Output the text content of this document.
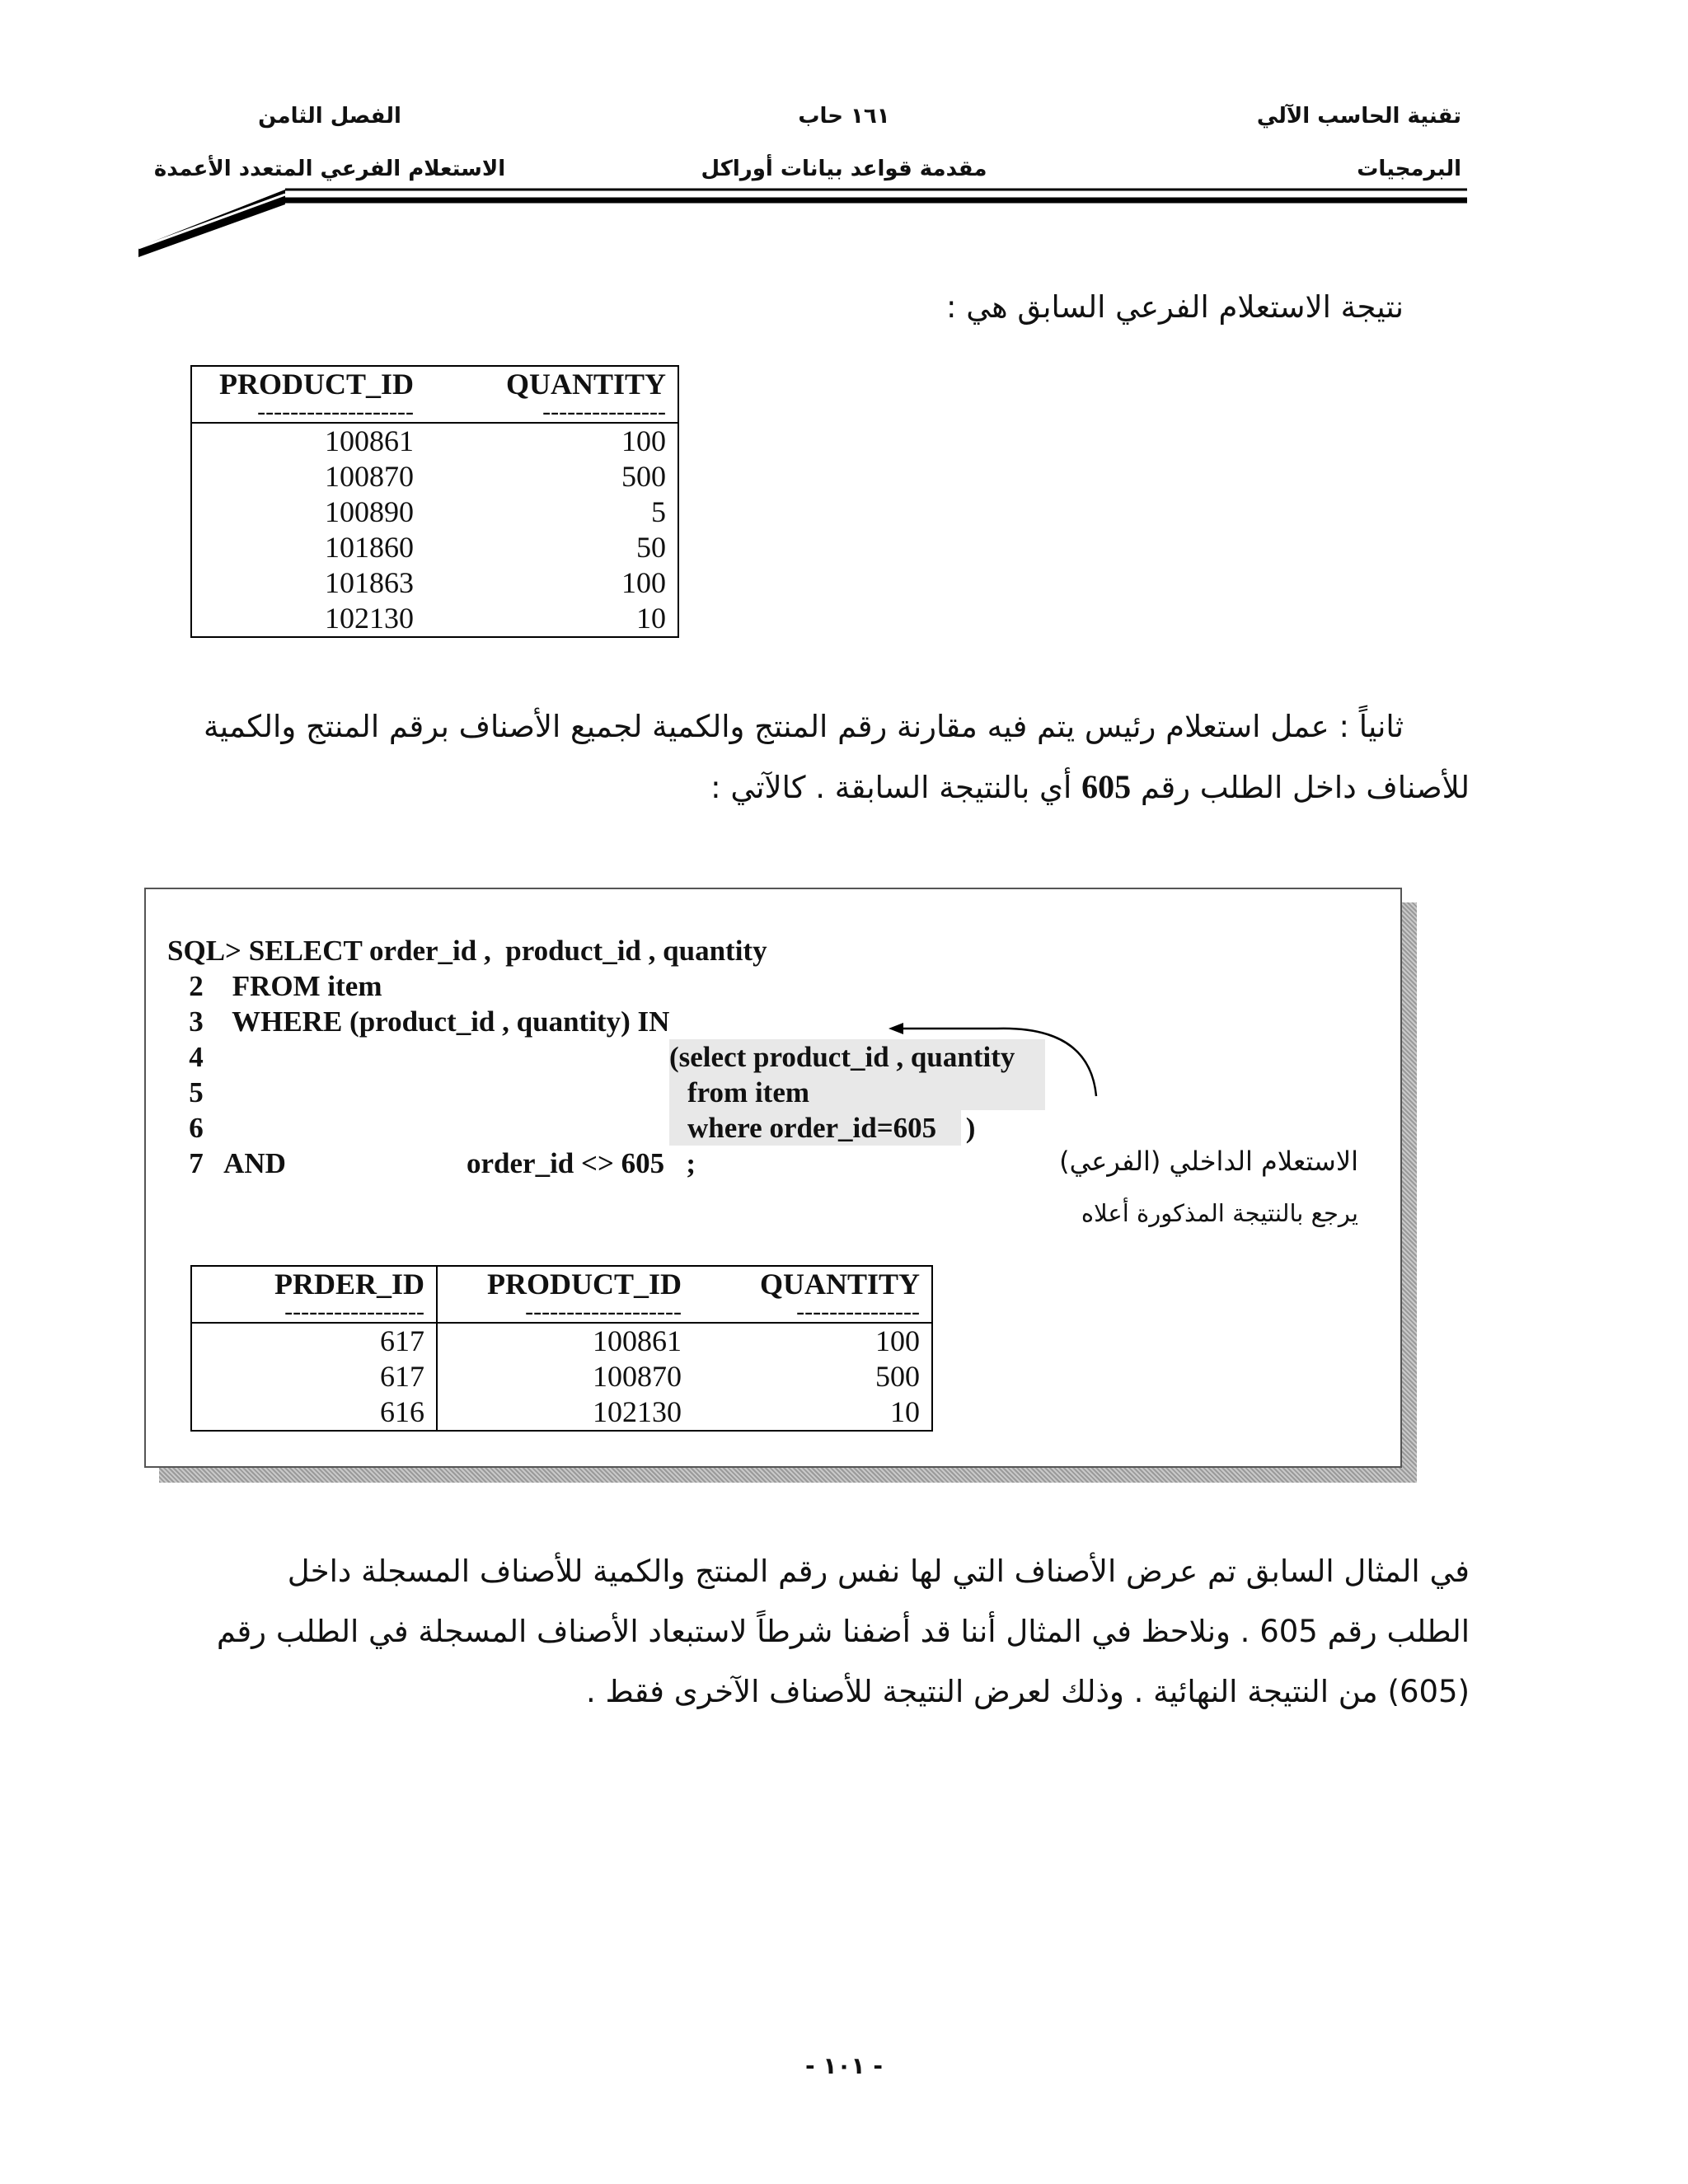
تقنية الحاسب الآلي
البرمجيات
١٦١ حاب
مقدمة قواعد بيانات أوراكل
الفصل الثامن
الاستعلام الفرعي المتعدد الأعمدة
نتيجة الاستعلام الفرعي السابق هي :
PRODUCT_ID	QUANTITY
-------------------	---------------
100861	100
100870	500
100890	5
101860	50
101863	100
102130	10
ثانياً : عمل استعلام رئيس يتم فيه مقارنة رقم المنتج والكمية لجميع الأصناف برقم المنتج والكمية
للأصناف داخل الطلب رقم 605 أي بالنتيجة السابقة . كالآتي :
SQL> SELECT order_id ,  product_id , quantity
2    FROM item
3    WHERE (product_id , quantity) IN
4	(select product_id , quantity
5	from item
6	where order_id=605 )
7   AND	order_id <> 605   ;	الاستعلام الداخلي (الفرعي)
يرجع بالنتيجة المذكورة أعلاه
PRDER_ID	PRODUCT_ID	QUANTITY
-----------------	-------------------	---------------
617	100861	100
617	100870	500
616	102130	10
في المثال السابق تم عرض الأصناف التي لها نفس رقم المنتج والكمية للأصناف المسجلة داخل
الطلب رقم 605 . ونلاحظ في المثال أننا قد أضفنا شرطاً لاستبعاد الأصناف المسجلة في الطلب رقم
(605) من النتيجة النهائية . وذلك لعرض النتيجة للأصناف الآخرى فقط .
- ١٠١ -
